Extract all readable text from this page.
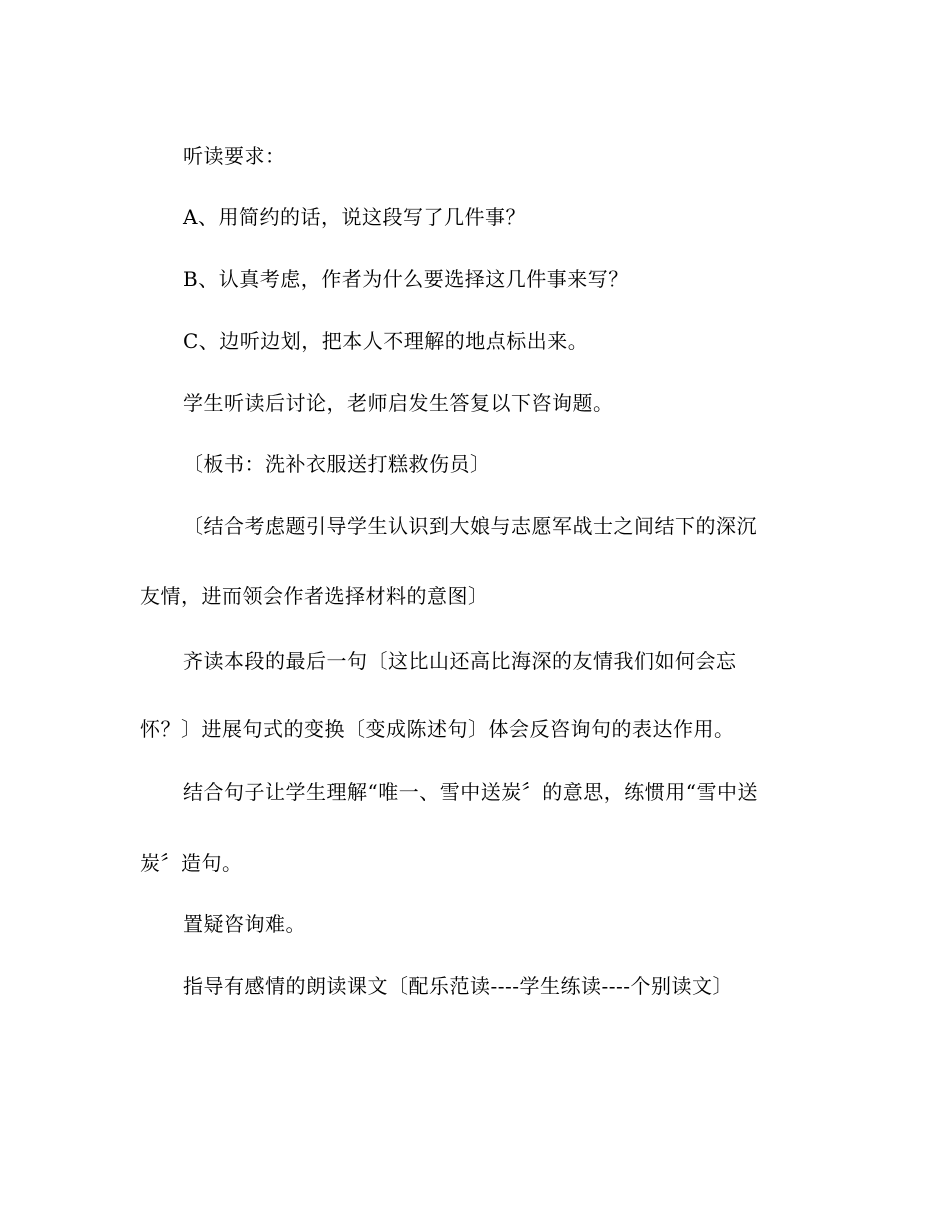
听读要求：
A、用简约的话，说这段写了几件事？
B、认真考虑，作者为什么要选择这几件事来写？
C、边听边划，把本人不理解的地点标出来。
学生听读后讨论，老师启发生答复以下咨询题。
〔板书：洗补衣服送打糕救伤员〕
〔结合考虑题引导学生认识到大娘与志愿军战士之间结下的深沉
友情，进而领会作者选择材料的意图〕
齐读本段的最后一句〔这比山还高比海深的友情我们如何会忘
怀？〕进展句式的变换〔变成陈述句〕体会反咨询句的表达作用。
结合句子让学生理解“唯一、雪中送炭〞的意思，练惯用“雪中送
炭〞造句。
置疑咨询难。
指导有感情的朗读课文〔配乐范读----学生练读----个别读文〕
